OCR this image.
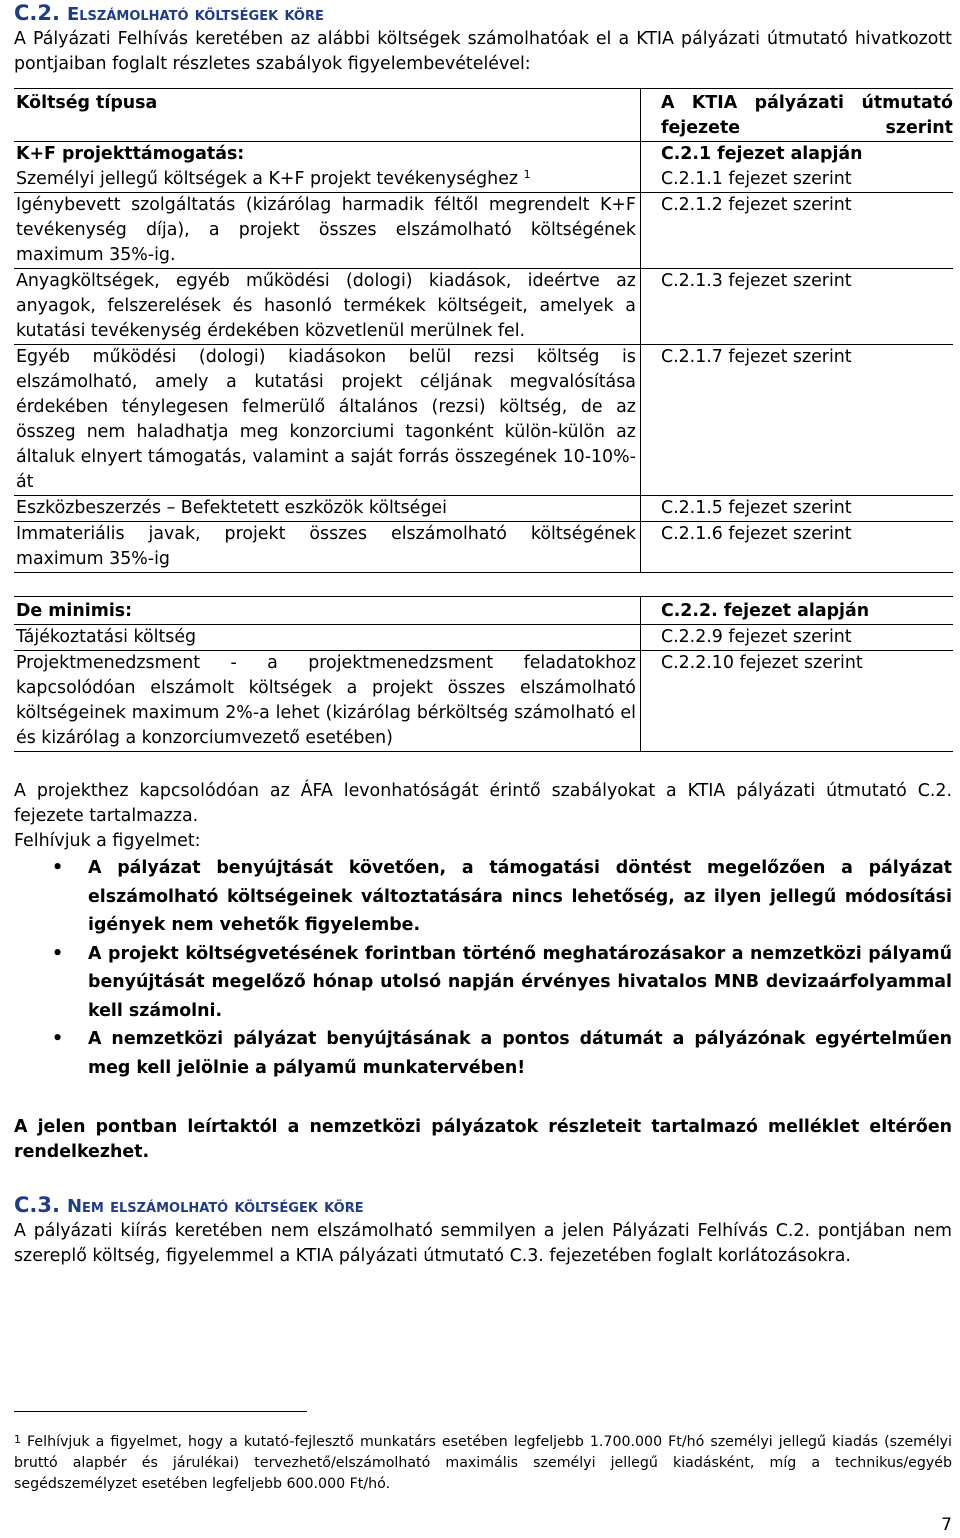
C.2. Elszámolható költségek köre
A Pályázati Felhívás keretében az alábbi költségek számolhatóak el a KTIA pályázati útmutató hivatkozott pontjaiban foglalt részletes szabályok figyelembevételével:
Költség típusa	A KTIA pályázati útmutató fejezete szerint
K+F projekttámogatás:	C.2.1 fejezet alapján
Személyi jellegű költségek a K+F projekt tevékenységhez $^1$	C.2.1.1 fejezet szerint
Igénybevett szolgáltatás (kizárólag harmadik féltől megrendelt K+F tevékenység díja), a projekt összes elszámolható költségének maximum 35%-ig.	C.2.1.2 fejezet szerint
Anyagköltségek, egyéb működési (dologi) kiadások, ideértve az anyagok, felszerelések és hasonló termékek költségeit, amelyek a kutatási tevékenység érdekében közvetlenül merülnek fel.	C.2.1.3 fejezet szerint
Egyéb működési (dologi) kiadásokon belül rezsi költség is elszámolható, amely a kutatási projekt céljának megvalósítása érdekében ténylegesen felmerülő általános (rezsi) költség, de az összeg nem haladhatja meg konzorciumi tagonként külön-külön az általuk elnyert támogatás, valamint a saját forrás összegének 10-10%-át	C.2.1.7 fejezet szerint
Eszközbeszerzés – Befektetett eszközök költségei	C.2.1.5 fejezet szerint
Immateriális javak, projekt összes elszámolható költségének maximum 35%-ig	C.2.1.6 fejezet szerint

De minimis:	C.2.2. fejezet alapján
Tájékoztatási költség	C.2.2.9 fejezet szerint
Projektmenedzsment - a projektmenedzsment feladatokhoz kapcsolódóan elszámolt költségek a projekt összes elszámolható költségeinek maximum 2%-a lehet (kizárólag bérköltség számolható el és kizárólag a konzorciumvezető esetében)	C.2.2.10 fejezet szerint
A projekthez kapcsolódóan az ÁFA levonhatóságát érintő szabályokat a KTIA pályázati útmutató C.2. fejezete tartalmazza.
Felhívjuk a figyelmet:
• A pályázat benyújtását követően, a támogatási döntést megelőzően a pályázat elszámolható költségeinek változtatására nincs lehetőség, az ilyen jellegű módosítási igények nem vehetők figyelembe.
• A projekt költségvetésének forintban történő meghatározásakor a nemzetközi pályamű benyújtását megelőző hónap utolsó napján érvényes hivatalos MNB devizaárfolyammal kell számolni.
• A nemzetközi pályázat benyújtásának a pontos dátumát a pályázónak egyértelműen meg kell jelölnie a pályamű munkatervében!
A jelen pontban leírtaktól a nemzetközi pályázatok részleteit tartalmazó melléklet eltérően rendelkezhet.
C.3. Nem elszámolható költségek köre
A pályázati kiírás keretében nem elszámolható semmilyen a jelen Pályázati Felhívás C.2. pontjában nem szereplő költség, figyelemmel a KTIA pályázati útmutató C.3. fejezetében foglalt korlátozásokra.
$^1$ Felhívjuk a figyelmet, hogy a kutató-fejlesztő munkatárs esetében legfeljebb 1.700.000 Ft/hó személyi jellegű kiadás (személyi bruttó alapbér és járulékai) tervezhető/elszámolható maximális személyi jellegű kiadásként, míg a technikus/egyéb segédszemélyzet esetében legfeljebb 600.000 Ft/hó.
7
